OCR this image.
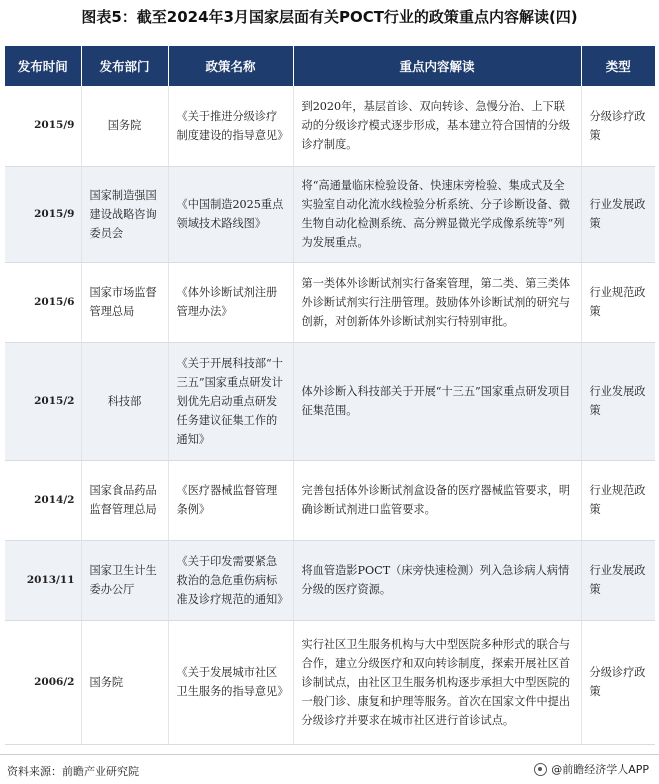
图表5：截至2024年3月国家层面有关POCT行业的政策重点内容解读(四)
发布时间	发布部门	政策名称	重点内容解读	类型
2015/9	国务院	《关于推进分级诊疗制度建设的指导意见》	到2020年，基层首诊、双向转诊、急慢分治、上下联动的分级诊疗模式逐步形成，基本建立符合国情的分级诊疗制度。	分级诊疗政策
2015/9	国家制造强国建设战略咨询委员会	《中国制造2025重点领域技术路线图》	将“高通量临床检验设备、快速床旁检验、集成式及全实验室自动化流水线检验分析系统、分子诊断设备、微生物自动化检测系统、高分辨显微光学成像系统等”列为发展重点。	行业发展政策
2015/6	国家市场监督管理总局	《体外诊断试剂注册管理办法》	第一类体外诊断试剂实行备案管理，第二类、第三类体外诊断试剂实行注册管理。鼓励体外诊断试剂的研究与创新，对创新体外诊断试剂实行特别审批。	行业规范政策
2015/2	科技部	《关于开展科技部“十三五”国家重点研发计划优先启动重点研发任务建议征集工作的通知》	体外诊断入科技部关于开展“十三五”国家重点研发项目征集范围。	行业发展政策
2014/2	国家食品药品监督管理总局	《医疗器械监督管理条例》	完善包括体外诊断试剂盒设备的医疗器械监管要求，明确诊断试剂进口监管要求。	行业规范政策
2013/11	国家卫生计生委办公厅	《关于印发需要紧急救治的急危重伤病标准及诊疗规范的通知》	将血管造影POCT（床旁快速检测）列入急诊病人病情分级的医疗资源。	行业发展政策
2006/2	国务院	《关于发展城市社区卫生服务的指导意见》	实行社区卫生服务机构与大中型医院多种形式的联合与合作，建立分级医疗和双向转诊制度，探索开展社区首诊制试点，由社区卫生服务机构逐步承担大中型医院的一般门诊、康复和护理等服务。首次在国家文件中提出分级诊疗并要求在城市社区进行首诊试点。	分级诊疗政策
资料来源：前瞻产业研究院	@前瞻经济学人APP
